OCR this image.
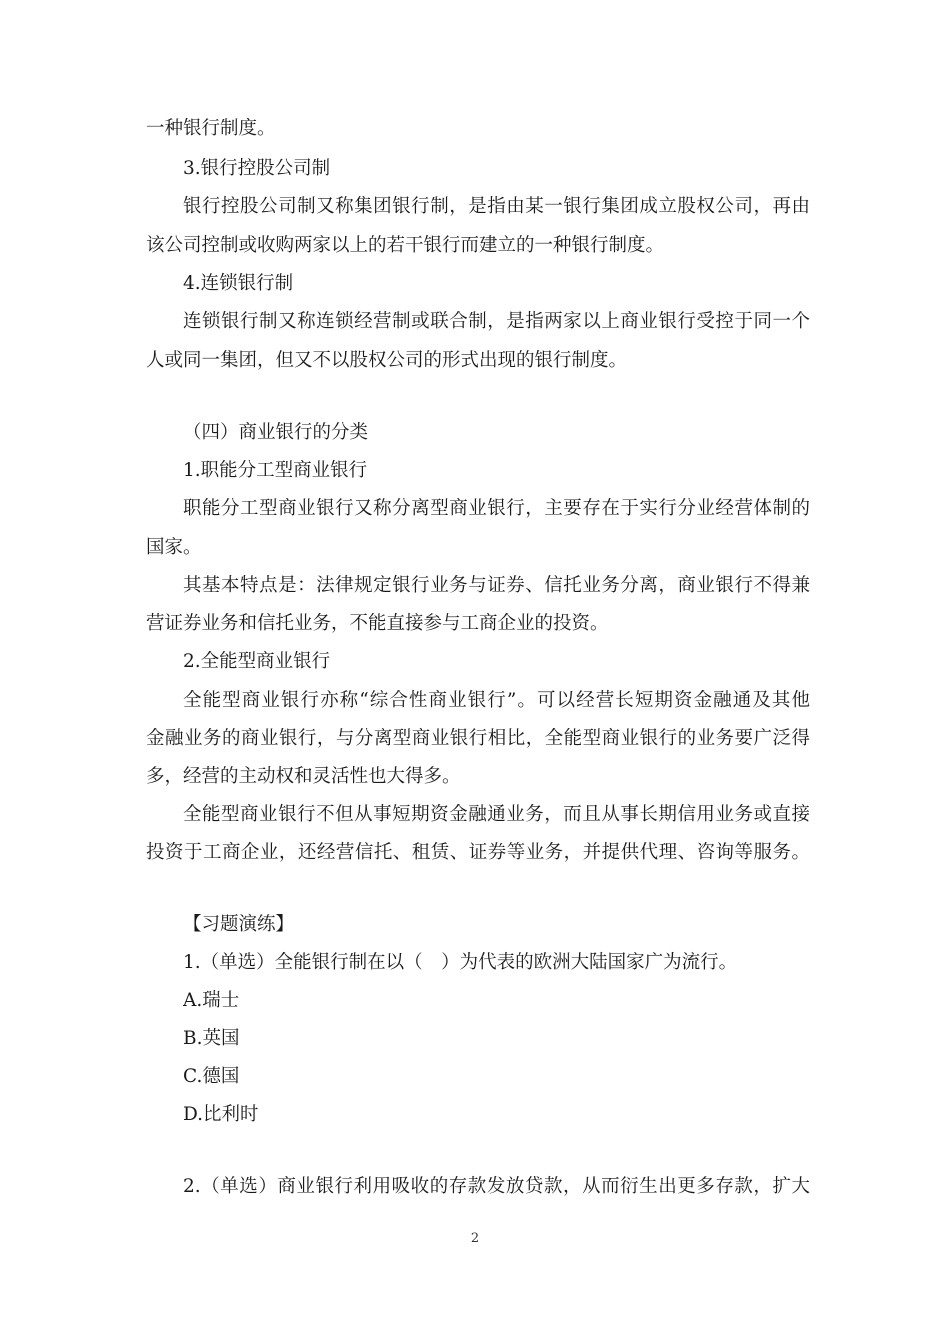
一种银行制度。
3.银行控股公司制
银行控股公司制又称集团银行制，是指由某一银行集团成立股权公司，再由
该公司控制或收购两家以上的若干银行而建立的一种银行制度。
4.连锁银行制
连锁银行制又称连锁经营制或联合制，是指两家以上商业银行受控于同一个
人或同一集团，但又不以股权公司的形式出现的银行制度。
（四）商业银行的分类
1.职能分工型商业银行
职能分工型商业银行又称分离型商业银行，主要存在于实行分业经营体制的
国家。
其基本特点是：法律规定银行业务与证券、信托业务分离，商业银行不得兼
营证券业务和信托业务，不能直接参与工商企业的投资。
2.全能型商业银行
全能型商业银行亦称“综合性商业银行”。可以经营长短期资金融通及其他
金融业务的商业银行，与分离型商业银行相比，全能型商业银行的业务要广泛得
多，经营的主动权和灵活性也大得多。
全能型商业银行不但从事短期资金融通业务，而且从事长期信用业务或直接
投资于工商企业，还经营信托、租赁、证券等业务，并提供代理、咨询等服务。
【习题演练】
1.（单选）全能银行制在以（　）为代表的欧洲大陆国家广为流行。
A.瑞士
B.英国
C.德国
D.比利时
2.（单选）商业银行利用吸收的存款发放贷款，从而衍生出更多存款，扩大
2
